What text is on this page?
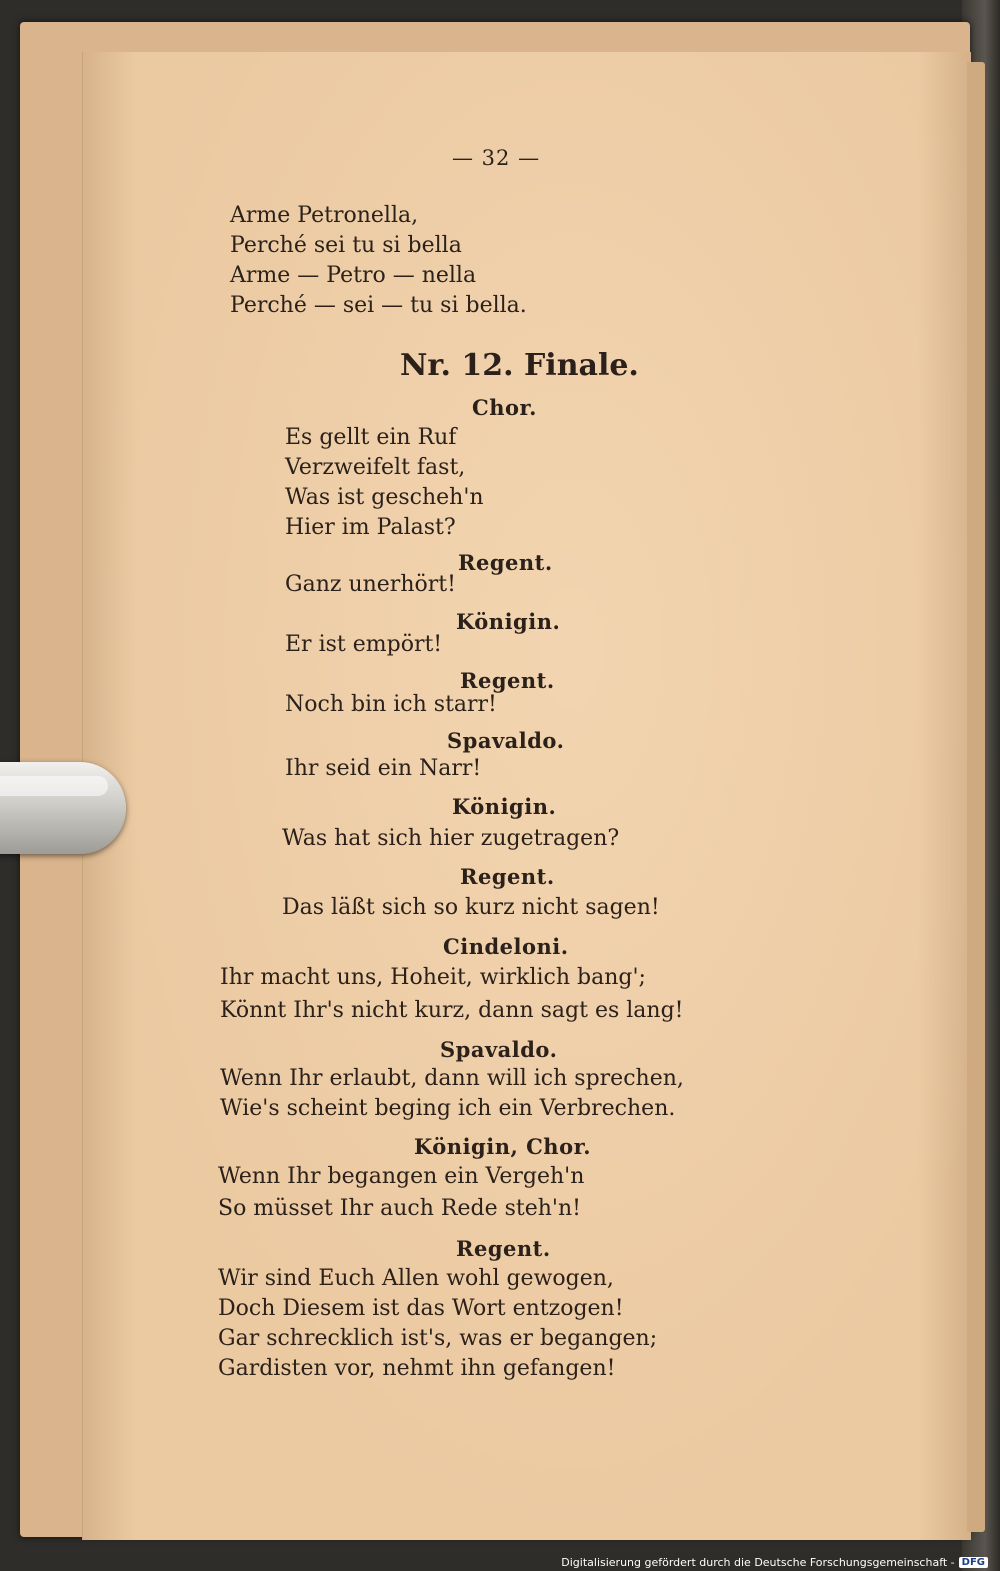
— 32 —
Arme Petronella,
Perché sei tu si bella
Arme — Petro — nella
Perché — sei — tu si bella.
Nr. 12. Finale.
Chor.
Es gellt ein Ruf
Verzweifelt fast,
Was ist gescheh'n
Hier im Palast?
Regent.
Ganz unerhört!
Königin.
Er ist empört!
Regent.
Noch bin ich starr!
Spavaldo.
Ihr seid ein Narr!
Königin.
Was hat sich hier zugetragen?
Regent.
Das läßt sich so kurz nicht sagen!
Cindeloni.
Ihr macht uns, Hoheit, wirklich bang';
Könnt Ihr's nicht kurz, dann sagt es lang!
Spavaldo.
Wenn Ihr erlaubt, dann will ich sprechen,
Wie's scheint beging ich ein Verbrechen.
Königin, Chor.
Wenn Ihr begangen ein Vergeh'n
So müsset Ihr auch Rede steh'n!
Regent.
Wir sind Euch Allen wohl gewogen,
Doch Diesem ist das Wort entzogen!
Gar schrecklich ist's, was er begangen;
Gardisten vor, nehmt ihn gefangen!
Digitalisierung gefördert durch die Deutsche Forschungsgemeinschaft - DFG
